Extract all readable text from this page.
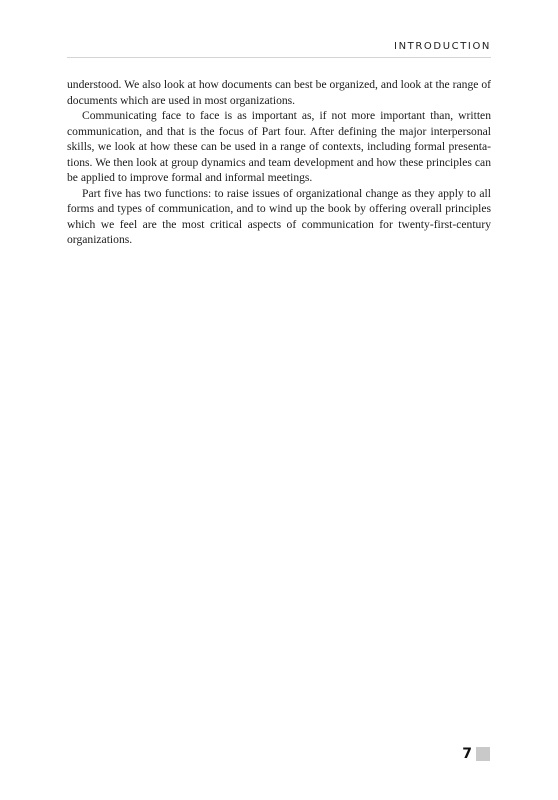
INTRODUCTION

understood. We also look at how documents can best be organized, and look at the range of documents which are used in most organizations.

Communicating face to face is as important as, if not more important than, written communication, and that is the focus of Part four. After defining the major interpersonal skills, we look at how these can be used in a range of contexts, including formal presentations. We then look at group dynamics and team development and how these principles can be applied to improve formal and informal meetings.

Part five has two functions: to raise issues of organizational change as they apply to all forms and types of communication, and to wind up the book by offering overall principles which we feel are the most critical aspects of communication for twenty-first-century organizations.

7
